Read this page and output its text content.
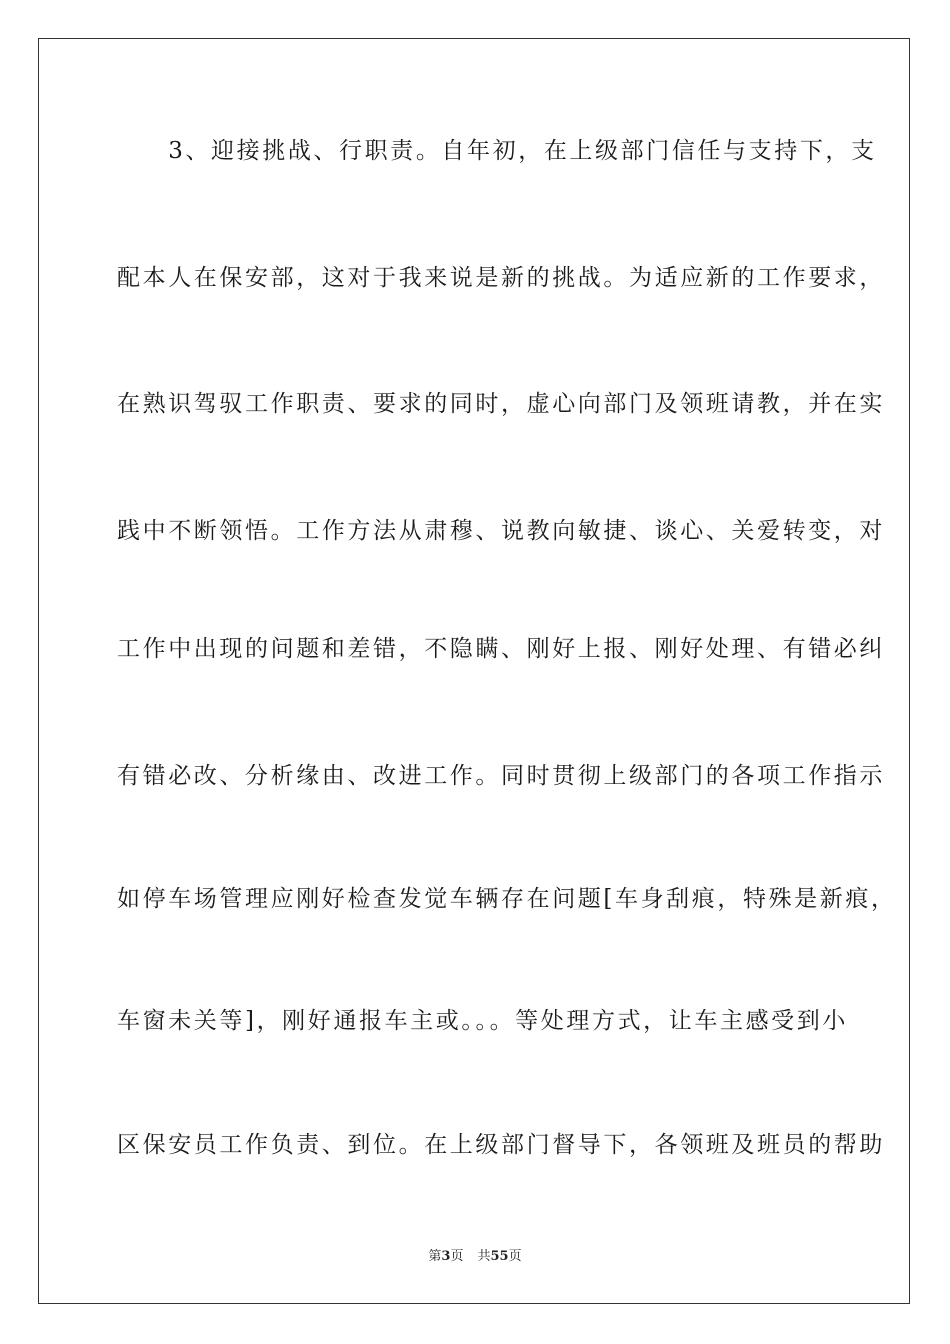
　　3、迎接挑战、行职责。自年初，在上级部门信任与支持下，支
配本人在保安部，这对于我来说是新的挑战。为适应新的工作要求，
在熟识驾驭工作职责、要求的同时，虚心向部门及领班请教，并在实
践中不断领悟。工作方法从肃穆、说教向敏捷、谈心、关爱转变，对
工作中出现的问题和差错，不隐瞒、刚好上报、刚好处理、有错必纠
有错必改、分析缘由、改进工作。同时贯彻上级部门的各项工作指示
如停车场管理应刚好检查发觉车辆存在问题[车身刮痕，特殊是新痕，
车窗未关等]，刚好通报车主或。。。等处理方式，让车主感受到小
区保安员工作负责、到位。在上级部门督导下，各领班及班员的帮助
第3页 共55页
